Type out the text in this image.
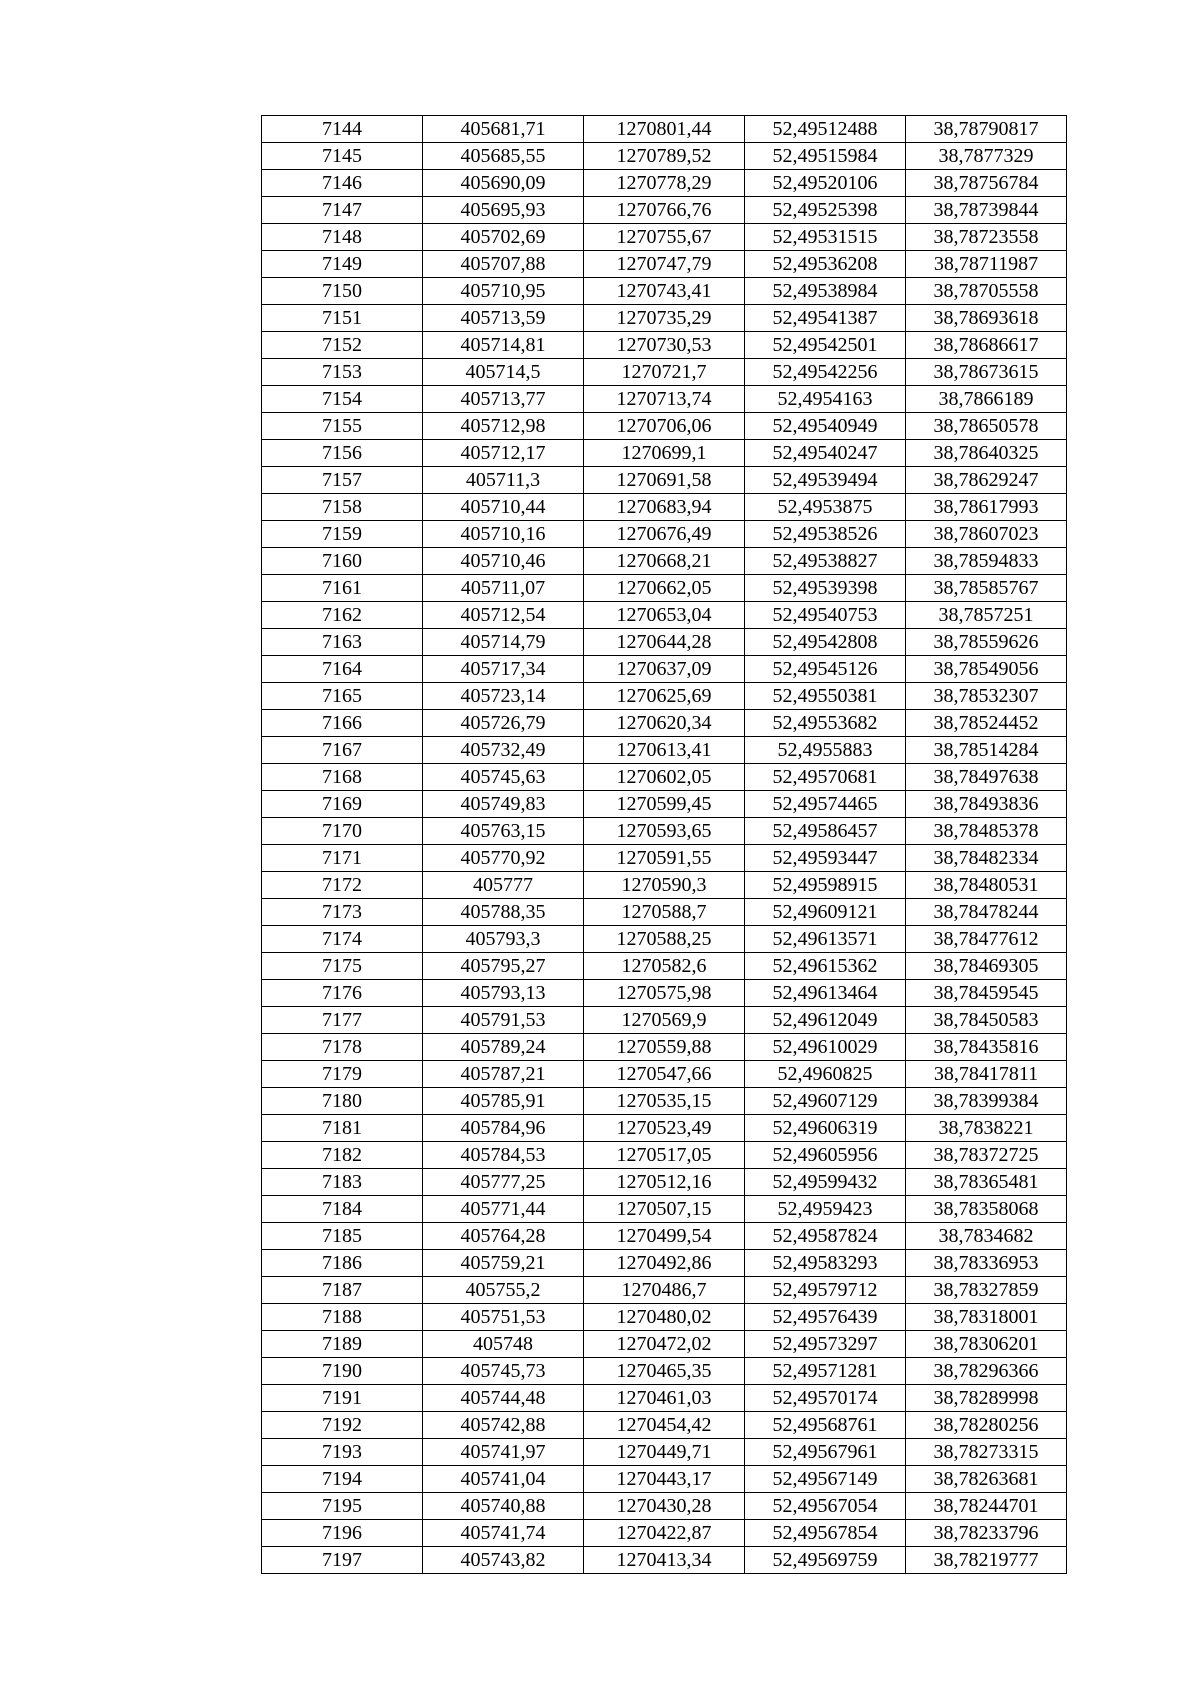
7144	405681,71	1270801,44	52,49512488	38,78790817
7145	405685,55	1270789,52	52,49515984	38,7877329
7146	405690,09	1270778,29	52,49520106	38,78756784
7147	405695,93	1270766,76	52,49525398	38,78739844
7148	405702,69	1270755,67	52,49531515	38,78723558
7149	405707,88	1270747,79	52,49536208	38,78711987
7150	405710,95	1270743,41	52,49538984	38,78705558
7151	405713,59	1270735,29	52,49541387	38,78693618
7152	405714,81	1270730,53	52,49542501	38,78686617
7153	405714,5	1270721,7	52,49542256	38,78673615
7154	405713,77	1270713,74	52,4954163	38,7866189
7155	405712,98	1270706,06	52,49540949	38,78650578
7156	405712,17	1270699,1	52,49540247	38,78640325
7157	405711,3	1270691,58	52,49539494	38,78629247
7158	405710,44	1270683,94	52,4953875	38,78617993
7159	405710,16	1270676,49	52,49538526	38,78607023
7160	405710,46	1270668,21	52,49538827	38,78594833
7161	405711,07	1270662,05	52,49539398	38,78585767
7162	405712,54	1270653,04	52,49540753	38,7857251
7163	405714,79	1270644,28	52,49542808	38,78559626
7164	405717,34	1270637,09	52,49545126	38,78549056
7165	405723,14	1270625,69	52,49550381	38,78532307
7166	405726,79	1270620,34	52,49553682	38,78524452
7167	405732,49	1270613,41	52,4955883	38,78514284
7168	405745,63	1270602,05	52,49570681	38,78497638
7169	405749,83	1270599,45	52,49574465	38,78493836
7170	405763,15	1270593,65	52,49586457	38,78485378
7171	405770,92	1270591,55	52,49593447	38,78482334
7172	405777	1270590,3	52,49598915	38,78480531
7173	405788,35	1270588,7	52,49609121	38,78478244
7174	405793,3	1270588,25	52,49613571	38,78477612
7175	405795,27	1270582,6	52,49615362	38,78469305
7176	405793,13	1270575,98	52,49613464	38,78459545
7177	405791,53	1270569,9	52,49612049	38,78450583
7178	405789,24	1270559,88	52,49610029	38,78435816
7179	405787,21	1270547,66	52,4960825	38,78417811
7180	405785,91	1270535,15	52,49607129	38,78399384
7181	405784,96	1270523,49	52,49606319	38,7838221
7182	405784,53	1270517,05	52,49605956	38,78372725
7183	405777,25	1270512,16	52,49599432	38,78365481
7184	405771,44	1270507,15	52,4959423	38,78358068
7185	405764,28	1270499,54	52,49587824	38,7834682
7186	405759,21	1270492,86	52,49583293	38,78336953
7187	405755,2	1270486,7	52,49579712	38,78327859
7188	405751,53	1270480,02	52,49576439	38,78318001
7189	405748	1270472,02	52,49573297	38,78306201
7190	405745,73	1270465,35	52,49571281	38,78296366
7191	405744,48	1270461,03	52,49570174	38,78289998
7192	405742,88	1270454,42	52,49568761	38,78280256
7193	405741,97	1270449,71	52,49567961	38,78273315
7194	405741,04	1270443,17	52,49567149	38,78263681
7195	405740,88	1270430,28	52,49567054	38,78244701
7196	405741,74	1270422,87	52,49567854	38,78233796
7197	405743,82	1270413,34	52,49569759	38,78219777
